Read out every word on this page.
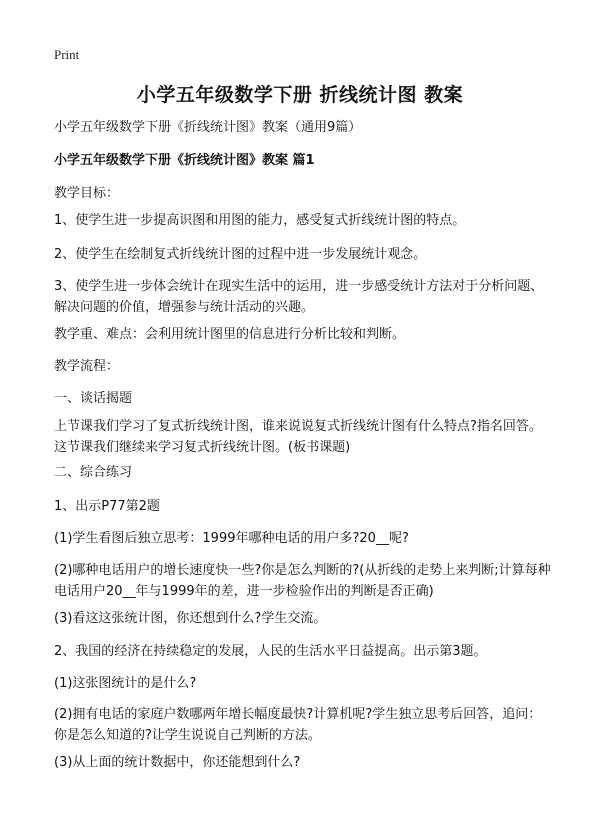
Print
小学五年级数学下册 折线统计图 教案

小学五年级数学下册《折线统计图》教案（通用9篇）

小学五年级数学下册《折线统计图》教案 篇1

教学目标：

1、使学生进一步提高识图和用图的能力，感受复式折线统计图的特点。

2、使学生在绘制复式折线统计图的过程中进一步发展统计观念。

3、使学生进一步体会统计在现实生活中的运用，进一步感受统计方法对于分析问题、解决问题的价值，增强参与统计活动的兴趣。

教学重、难点：会利用统计图里的信息进行分析比较和判断。

教学流程：

一、谈话揭题

上节课我们学习了复式折线统计图，谁来说说复式折线统计图有什么特点?指名回答。这节课我们继续来学习复式折线统计图。(板书课题)

二、综合练习

1、出示P77第2题

(1)学生看图后独立思考：1999年哪种电话的用户多?20__呢?

(2)哪种电话用户的增长速度快一些?你是怎么判断的?(从折线的走势上来判断;计算每种电话用户20__年与1999年的差，进一步检验作出的判断是否正确)

(3)看这这张统计图，你还想到什么?学生交流。

2、我国的经济在持续稳定的发展，人民的生活水平日益提高。出示第3题。

(1)这张图统计的是什么?

(2)拥有电话的家庭户数哪两年增长幅度最快?计算机呢?学生独立思考后回答，追问：你是怎么知道的?让学生说说自己判断的方法。

(3)从上面的统计数据中，你还能想到什么?
